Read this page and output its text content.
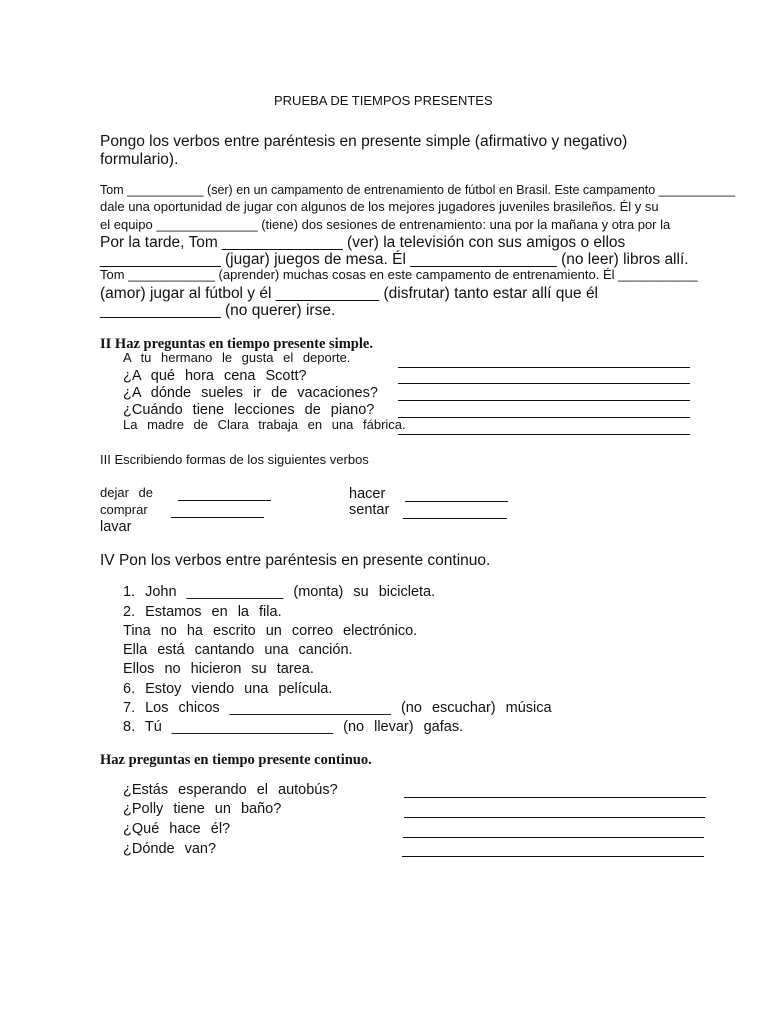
PRUEBA DE TIEMPOS PRESENTES
Pongo los verbos entre paréntesis en presente simple (afirmativo y negativo)
formulario).
Tom ___________ (ser) en un campamento de entrenamiento de fútbol en Brasil. Este campamento ___________
dale una oportunidad de jugar con algunos de los mejores jugadores juveniles brasileños. Él y su
el equipo ______________ (tiene) dos sesiones de entrenamiento: una por la mañana y otra por la
Por la tarde, Tom ______________ (ver) la televisión con sus amigos o ellos
______________ (jugar) juegos de mesa. Él _________________ (no leer) libros allí.
Tom ____________ (aprender) muchas cosas en este campamento de entrenamiento. Él ___________
(amor) jugar al fútbol y él ____________ (disfrutar) tanto estar allí que él
______________ (no querer) irse.
II Haz preguntas en tiempo presente simple.
A tu hermano le gusta el deporte.
¿A qué hora cena Scott?
¿A dónde sueles ir de vacaciones?
¿Cuándo tiene lecciones de piano?
La madre de Clara trabaja en una fábrica.
III Escribiendo formas de los siguientes verbos
dejar de
comprar
lavar
hacer
sentar
IV Pon los verbos entre paréntesis en presente continuo.
1. John ____________ (monta) su bicicleta.
2. Estamos en la fila.
Tina no ha escrito un correo electrónico.
Ella está cantando una canción.
Ellos no hicieron su tarea.
6. Estoy viendo una película.
7. Los chicos ____________________ (no escuchar) música
8. Tú ____________________ (no llevar) gafas.
Haz preguntas en tiempo presente continuo.
¿Estás esperando el autobús?
¿Polly tiene un baño?
¿Qué hace él?
¿Dónde van?
